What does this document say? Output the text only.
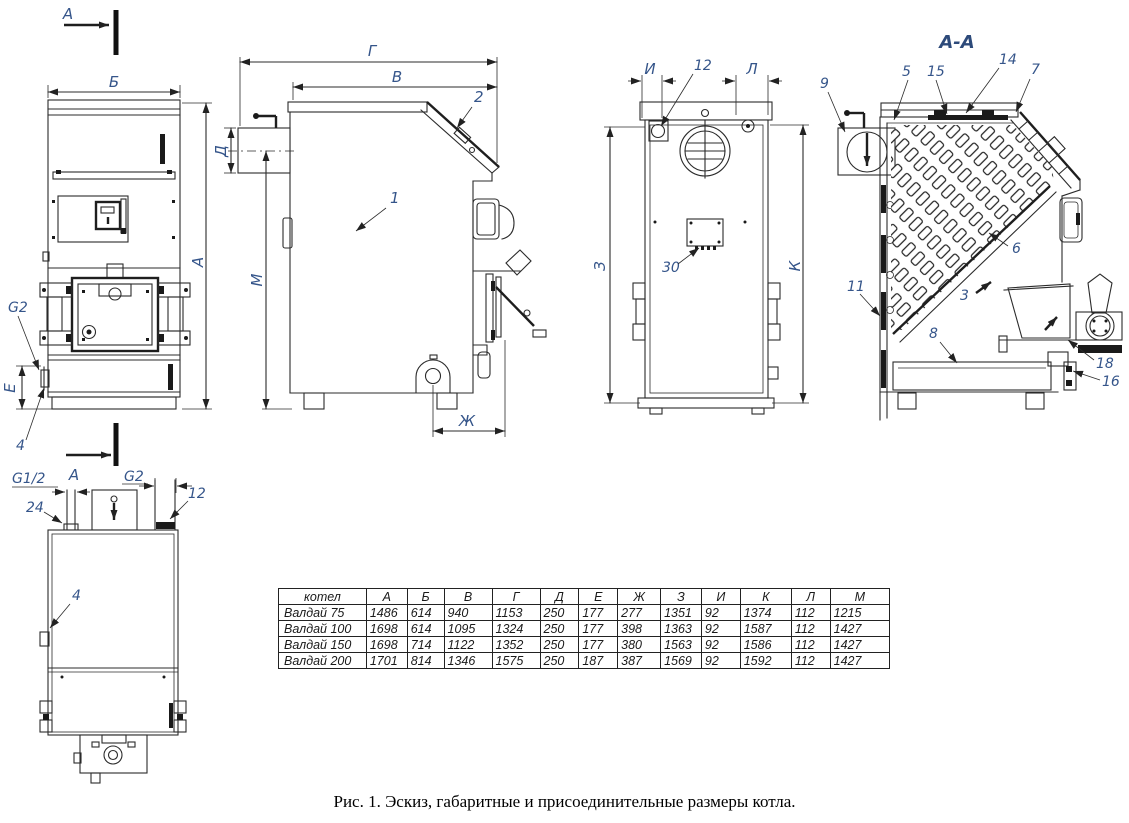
А
А
Б
G2
А
Е
4
Г
В
Д
М
1
2
Ж
И	Л
12
З	К
30
А-А
9
5 15
14
7
6
3
11
8
18
16
G2
G1/2
24
12
4	котел	А	Б	В	Г	Д	Е	Ж	З	И	К	Л	М
Валдай 75	1486	614	940	1153	250	177	277	1351	92	1374	112	1215
Валдай 100	1698	614	1095	1324	250	177	398	1363	92	1587	112	1427
Валдай 150	1698	714	1122	1352	250	177	380	1563	92	1586	112	1427
Валдай 200	1701	814	1346	1575	250	187	387	1569	92	1592	112	1427
Рис. 1. Эскиз, габаритные и присоединительные размеры котла.
